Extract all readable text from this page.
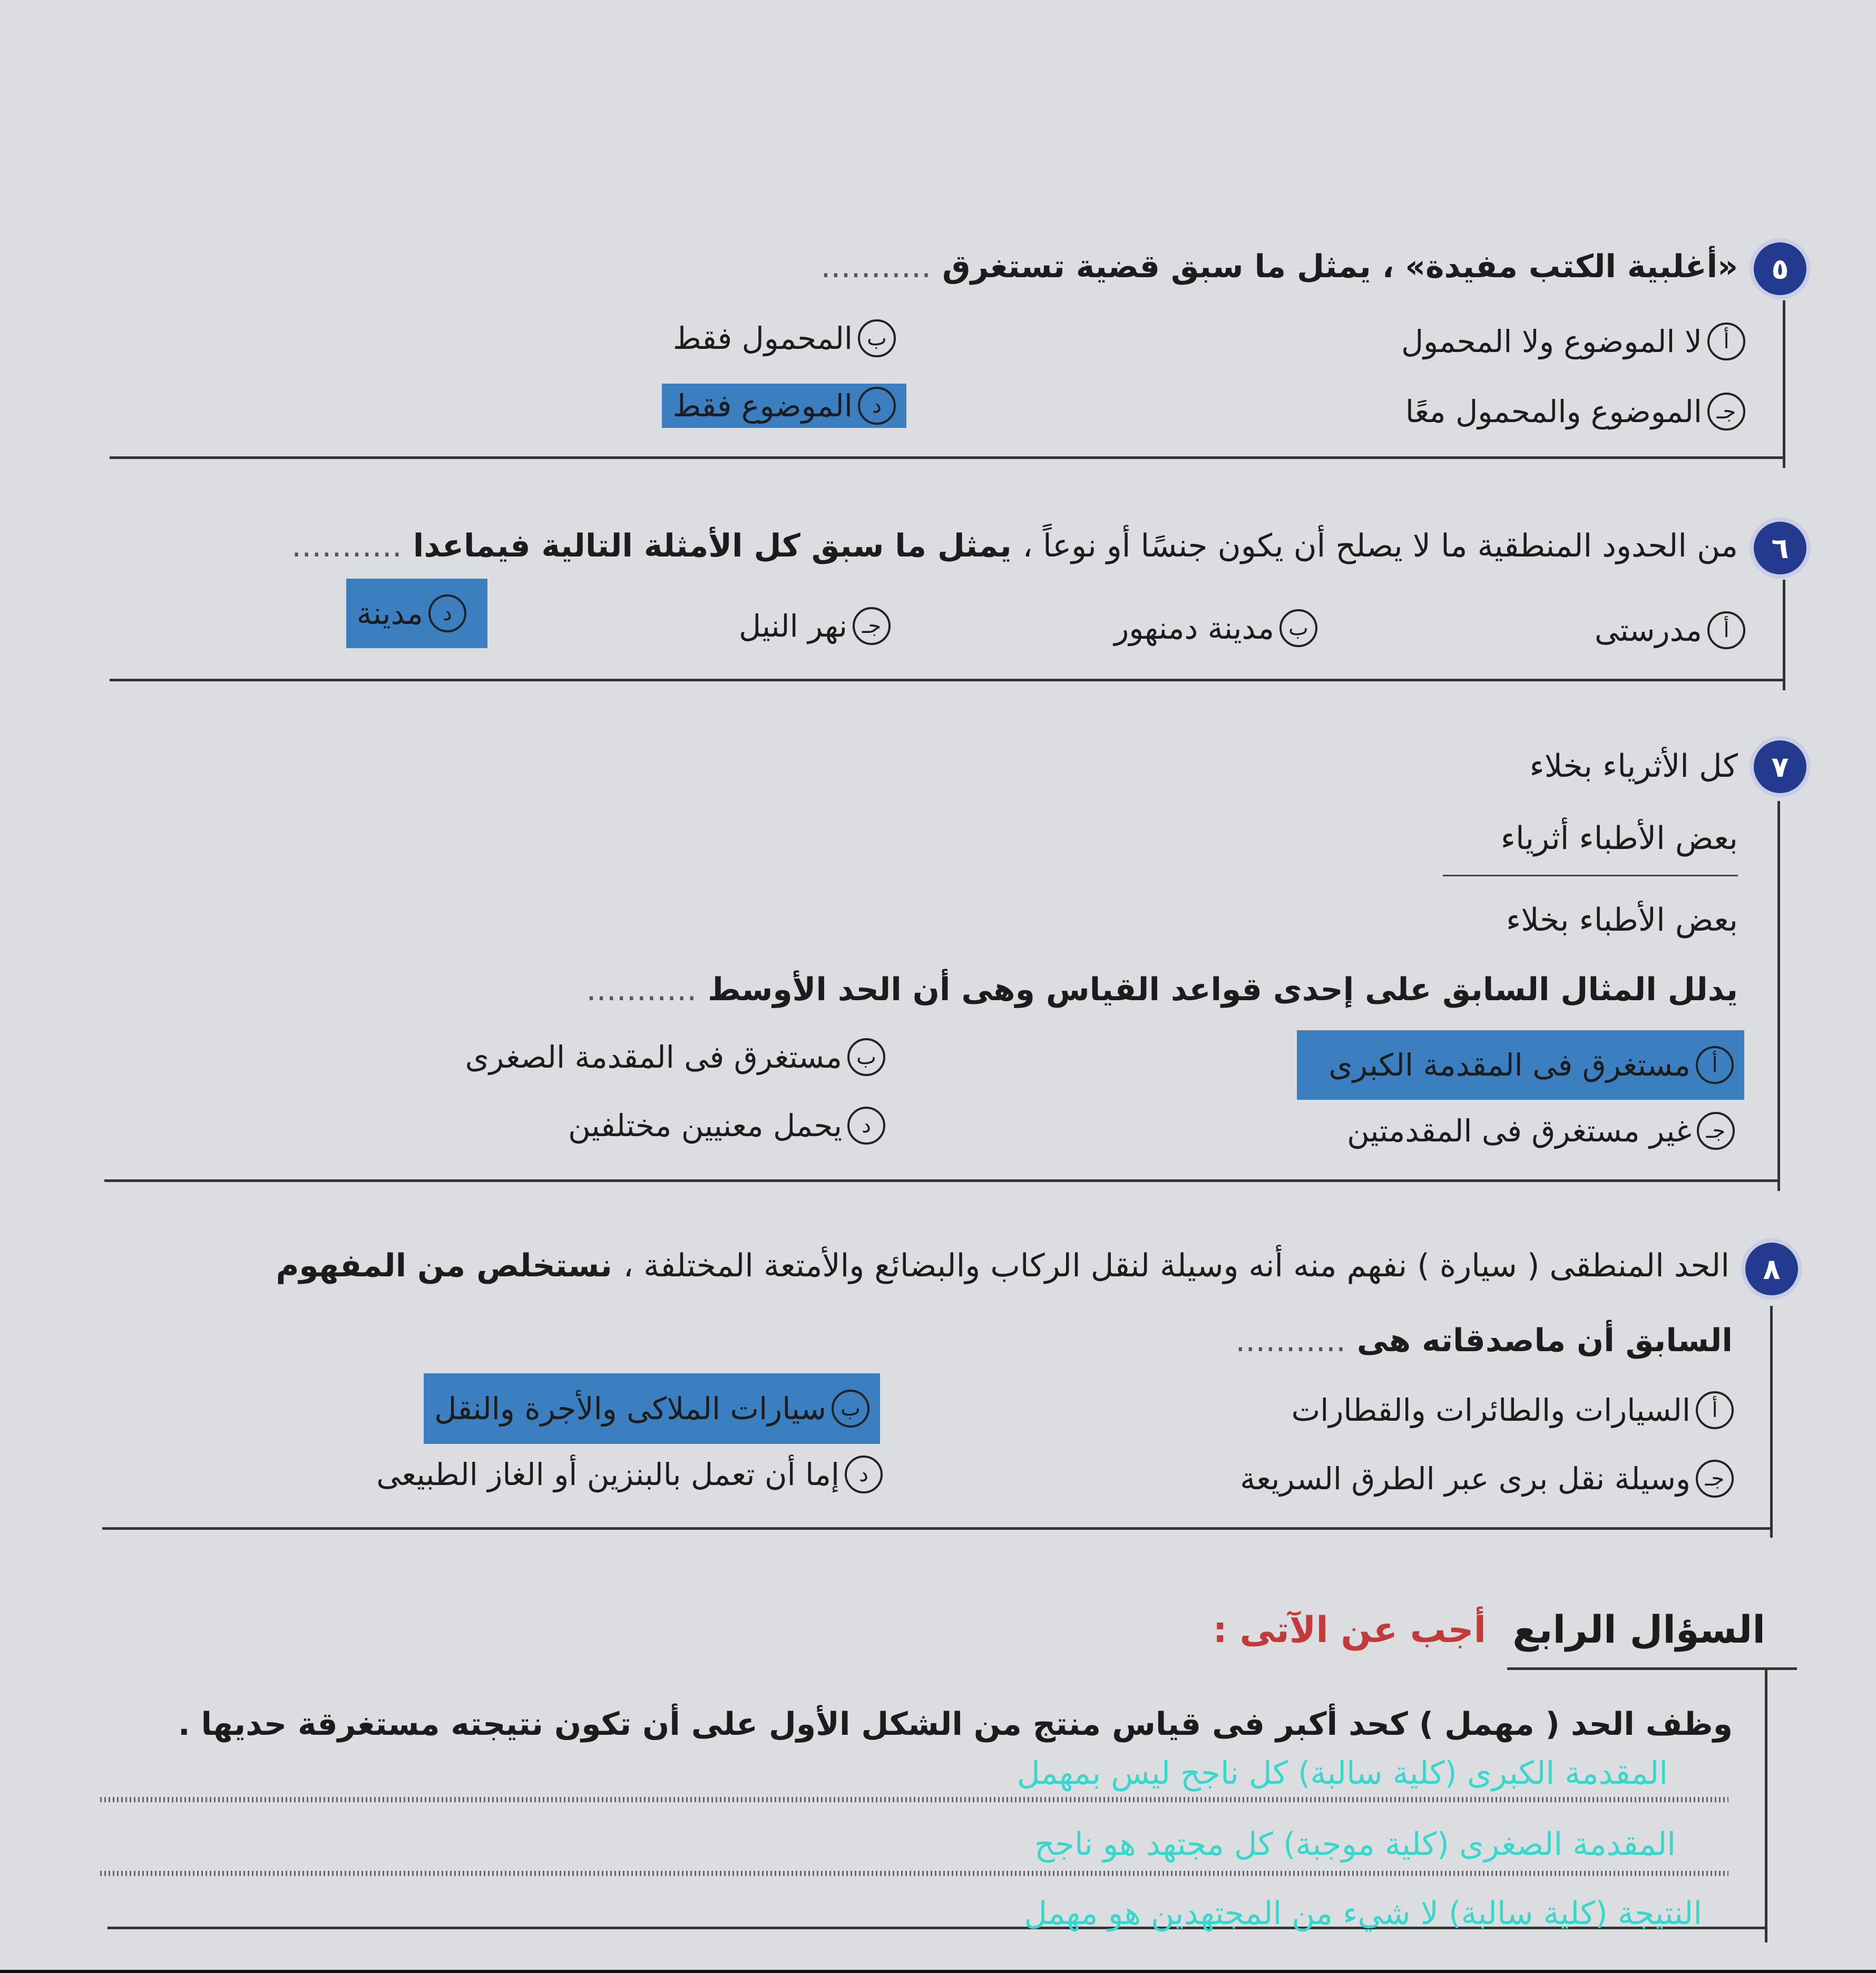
٥
«أغلبية الكتب مفيدة» ، يمثل ما سبق قضية تستغرق ...........
أ
لا الموضوع ولا المحمول
ب
المحمول فقط
جـ
الموضوع والمحمول معًا
د
الموضوع فقط
٦
من الحدود المنطقية ما لا يصلح أن يكون جنسًا أو نوعاً ، يمثل ما سبق كل الأمثلة التالية فيماعدا ...........
أ
مدرستى
ب
مدينة دمنهور
جـ
نهر النيل
د
مدينة
٧
كل الأثرياء بخلاء
بعض الأطباء أثرياء
بعض الأطباء بخلاء
يدلل المثال السابق على إحدى قواعد القياس وهى أن الحد الأوسط ...........
أ
مستغرق فى المقدمة الكبرى
ب
مستغرق فى المقدمة الصغرى
جـ
غير مستغرق فى المقدمتين
د
يحمل معنيين مختلفين
٨
الحد المنطقى ( سيارة ) نفهم منه أنه وسيلة لنقل الركاب والبضائع والأمتعة المختلفة ، نستخلص من المفهوم
السابق أن ماصدقاته هى ...........
أ
السيارات والطائرات والقطارات
ب
سيارات الملاكى والأجرة والنقل
جـ
وسيلة نقل برى عبر الطرق السريعة
د
إما أن تعمل بالبنزين أو الغاز الطبيعى
السؤال الرابع
أجب عن الآتى :
وظف الحد ( مهمل ) كحد أكبر فى قياس منتج من الشكل الأول على أن تكون نتيجته مستغرقة حديها .
المقدمة الكبرى (كلية سالبة) كل ناجح ليس بمهمل
المقدمة الصغرى (كلية موجبة) كل مجتهد هو ناجح
النتيجة (كلية سالبة) لا شيء من المجتهدين هو مهمل
